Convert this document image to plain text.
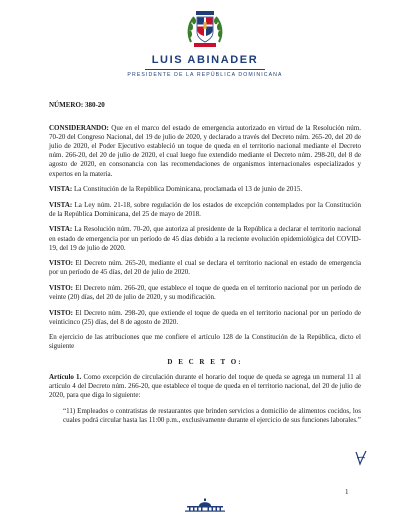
LUIS ABINADER
PRESIDENTE DE LA REPÚBLICA DOMINICANA
NÚMERO: 380-20

CONSIDERANDO: Que en el marco del estado de emergencia autorizado en virtud de la Resolución núm. 70-20 del Congreso Nacional, del 19 de julio de 2020, y declarado a través del Decreto núm. 265-20, del 20 de julio de 2020, el Poder Ejecutivo estableció un toque de queda en el territorio nacional mediante el Decreto núm. 266-20, del 20 de julio de 2020, el cual luego fue extendido mediante el Decreto núm. 298-20, del 8 de agosto de 2020, en consonancia con las recomendaciones de organismos internacionales especializados y expertos en la materia.

VISTA: La Constitución de la República Dominicana, proclamada el 13 de junio de 2015.

VISTA: La Ley núm. 21-18, sobre regulación de los estados de excepción contemplados por la Constitución de la República Dominicana, del 25 de mayo de 2018.

VISTA: La Resolución núm. 70-20, que autoriza al presidente de la República a declarar el territorio nacional en estado de emergencia por un período de 45 días debido a la reciente evolución epidemiológica del COVID-19, del 19 de julio de 2020.

VISTO: El Decreto núm. 265-20, mediante el cual se declara el territorio nacional en estado de emergencia por un período de 45 días, del 20 de julio de 2020.

VISTO: El Decreto núm. 266-20, que establece el toque de queda en el territorio nacional por un período de veinte (20) días, del 20 de julio de 2020, y su modificación.

VISTO: El Decreto núm. 298-20, que extiende el toque de queda en el territorio nacional por un período de veinticinco (25) días, del 8 de agosto de 2020.

En ejercicio de las atribuciones que me confiere el artículo 128 de la Constitución de la República, dicto el siguiente

D E C R E T O:

Artículo 1. Como excepción de circulación durante el horario del toque de queda se agrega un numeral 11 al artículo 4 del Decreto núm. 266-20, que establece el toque de queda en el territorio nacional, del 20 de julio de 2020, para que diga lo siguiente:

“11) Empleados o contratistas de restaurantes que brinden servicios a domicilio de alimentos cocidos, los cuales podrá circular hasta las 11:00 p.m., exclusivamente durante el ejercicio de sus funciones laborales.”

1
